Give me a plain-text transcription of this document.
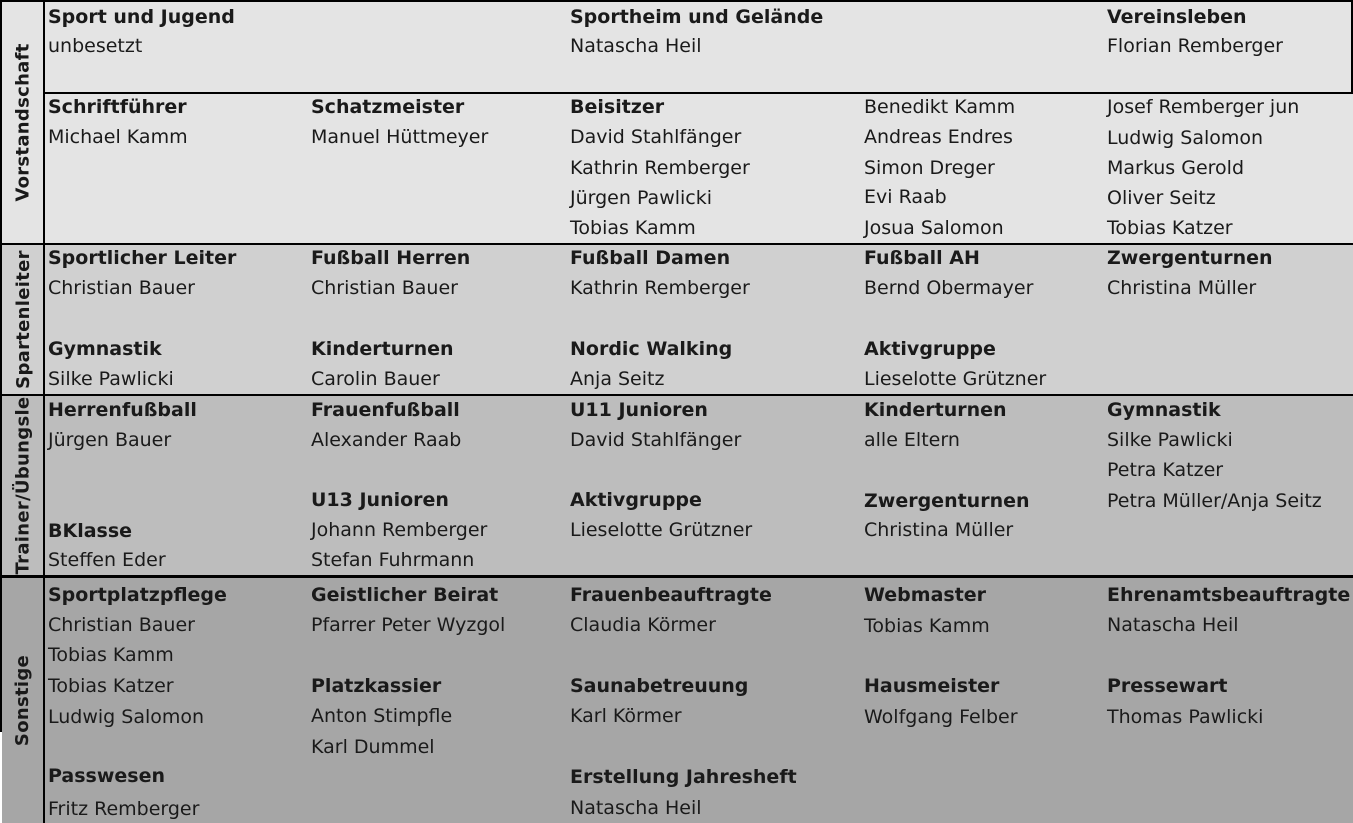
Vorstandschaft
Spartenleiter
Trainer/Übungsle
Sonstige
Sport und Jugend
unbesetzt
Sportheim und Gelände
Natascha Heil
Vereinsleben
Florian Remberger
Schriftführer
Michael Kamm
Schatzmeister
Manuel Hüttmeyer
Beisitzer
David Stahlfänger
Kathrin Remberger
Jürgen Pawlicki
Tobias Kamm
Benedikt Kamm
Andreas Endres
Simon Dreger
Evi Raab
Josua Salomon
Josef Remberger jun
Ludwig Salomon
Markus Gerold
Oliver Seitz
Tobias Katzer
Sportlicher Leiter
Christian Bauer
Fußball Herren
Christian Bauer
Fußball Damen
Kathrin Remberger
Fußball AH
Bernd Obermayer
Zwergenturnen
Christina Müller
Gymnastik
Silke Pawlicki
Kinderturnen
Carolin Bauer
Nordic Walking
Anja Seitz
Aktivgruppe
Lieselotte Grützner
Herrenfußball
Jürgen Bauer
Frauenfußball
Alexander Raab
U11 Junioren
David Stahlfänger
Kinderturnen
alle Eltern
Gymnastik
Silke Pawlicki
Petra Katzer
Petra Müller/Anja Seitz
U13 Junioren
Johann Remberger
Stefan Fuhrmann
Aktivgruppe
Lieselotte Grützner
Zwergenturnen
Christina Müller
BKlasse
Steffen Eder
Sportplatzpflege
Christian Bauer
Tobias Kamm
Tobias Katzer
Ludwig Salomon
Geistlicher Beirat
Pfarrer Peter Wyzgol
Frauenbeauftragte
Claudia Körmer
Webmaster
Tobias Kamm
Ehrenamtsbeauftragte
Natascha Heil
Platzkassier
Anton Stimpfle
Karl Dummel
Saunabetreuung
Karl Körmer
Hausmeister
Wolfgang Felber
Pressewart
Thomas Pawlicki
Passwesen
Fritz Remberger
Erstellung Jahresheft
Natascha Heil
